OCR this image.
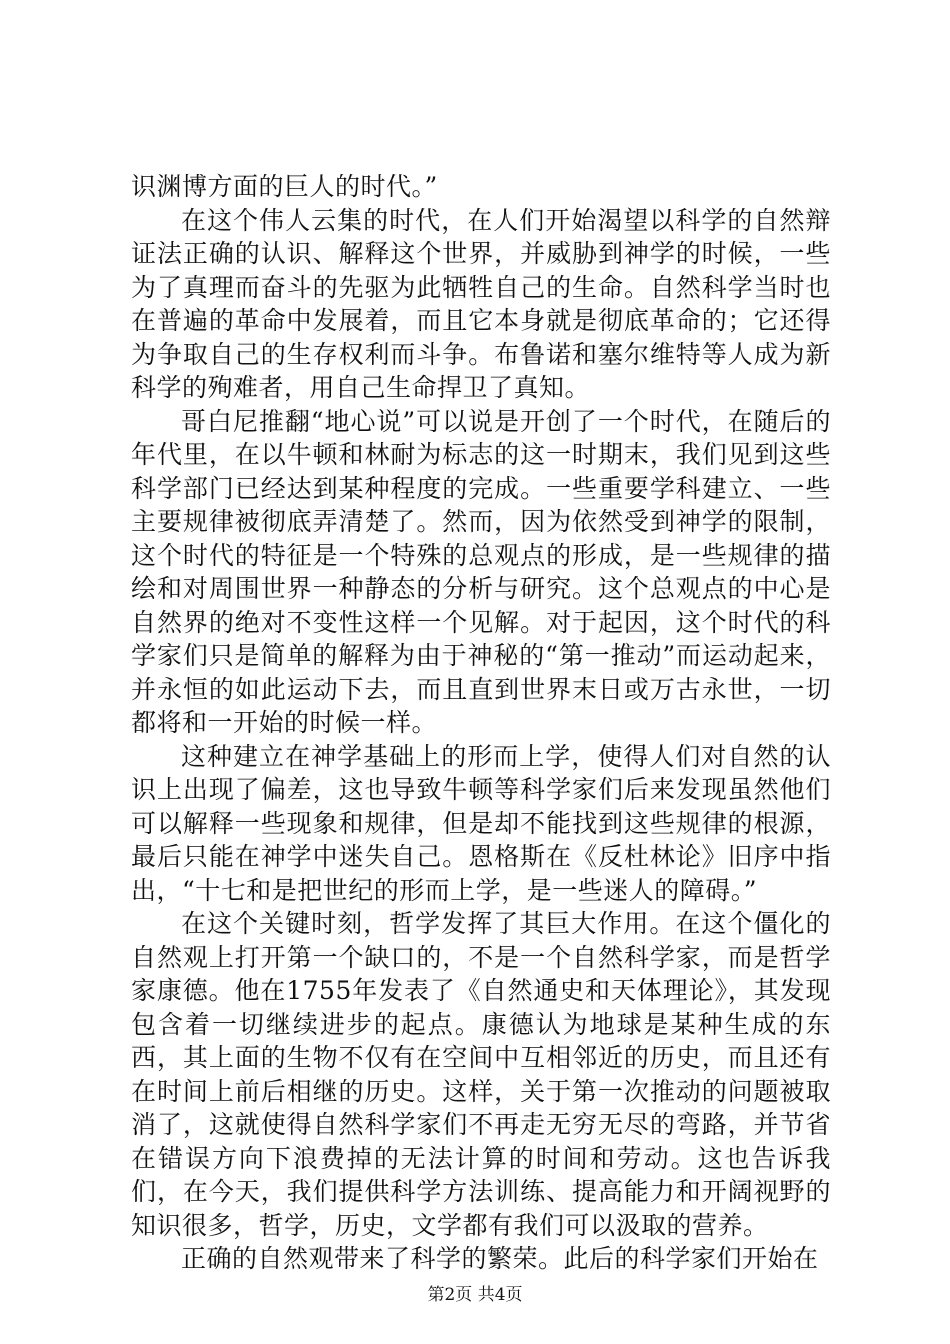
识渊博方面的巨人的时代。”

在这个伟人云集的时代，在人们开始渴望以科学的自然辩证法正确的认识、解释这个世界，并威胁到神学的时候，一些为了真理而奋斗的先驱为此牺牲自己的生命。自然科学当时也在普遍的革命中发展着，而且它本身就是彻底革命的；它还得为争取自己的生存权利而斗争。布鲁诺和塞尔维特等人成为新科学的殉难者，用自己生命捍卫了真知。

哥白尼推翻“地心说”可以说是开创了一个时代，在随后的年代里，在以牛顿和林耐为标志的这一时期末，我们见到这些科学部门已经达到某种程度的完成。一些重要学科建立、一些主要规律被彻底弄清楚了。然而，因为依然受到神学的限制，这个时代的特征是一个特殊的总观点的形成，是一些规律的描绘和对周围世界一种静态的分析与研究。这个总观点的中心是自然界的绝对不变性这样一个见解。对于起因，这个时代的科学家们只是简单的解释为由于神秘的“第一推动”而运动起来，并永恒的如此运动下去，而且直到世界末日或万古永世，一切都将和一开始的时候一样。

这种建立在神学基础上的形而上学，使得人们对自然的认识上出现了偏差，这也导致牛顿等科学家们后来发现虽然他们可以解释一些现象和规律，但是却不能找到这些规律的根源，最后只能在神学中迷失自己。恩格斯在《反杜林论》旧序中指出，“十七和是把世纪的形而上学，是一些迷人的障碍。”

在这个关键时刻，哲学发挥了其巨大作用。在这个僵化的自然观上打开第一个缺口的，不是一个自然科学家，而是哲学家康德。他在1755年发表了《自然通史和天体理论》，其发现包含着一切继续进步的起点。康德认为地球是某种生成的东西，其上面的生物不仅有在空间中互相邻近的历史，而且还有在时间上前后相继的历史。这样，关于第一次推动的问题被取消了，这就使得自然科学家们不再走无穷无尽的弯路，并节省在错误方向下浪费掉的无法计算的时间和劳动。这也告诉我们，在今天，我们提供科学方法训练、提高能力和开阔视野的知识很多，哲学，历史，文学都有我们可以汲取的营养。

正确的自然观带来了科学的繁荣。此后的科学家们开始在

第2页 共4页
